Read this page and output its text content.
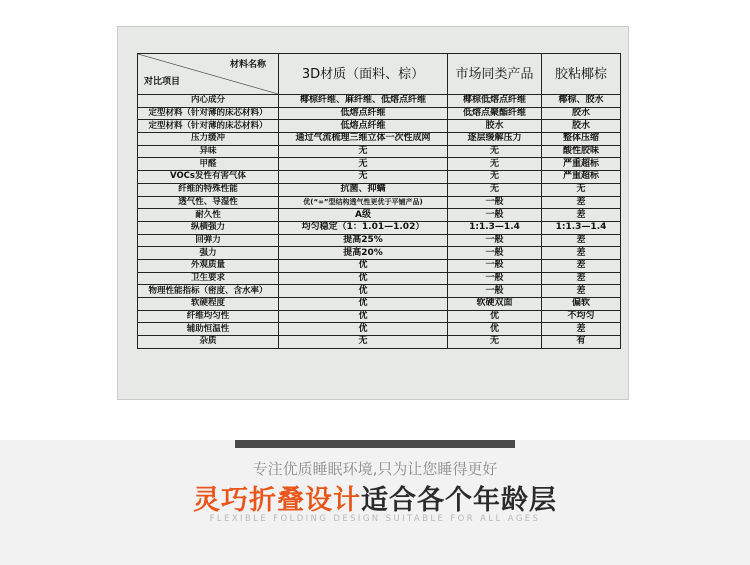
材料名称
对比项目	3D材质（面料、棕）	市场同类产品	胶粘椰棕
内心成分	椰棕纤维、麻纤维、低熔点纤维	椰棕低熔点纤维	椰棕、胶水
定型材料（针对薄的床芯材料）	低熔点纤维	低熔点聚酯纤维	胶水
定型材料（针对薄的床芯材料）	低熔点纤维	胶水	胶水
压力缓冲	通过气流梳理三维立体一次性成网	逐层缓解压力	整体压缩
异味	无	无	酸性胶味
甲醛	无	无	严重超标
VOCs发性有害气体	无	无	严重超标
纤维的特殊性能	抗菌、抑螨	无	无
透气性、导湿性	优(“∞”型结构透气性更优于平铺产品)	一般	差
耐久性	A级	一般	差
纵横强力	均匀稳定（1：1.01—1.02）	1:1.3—1.4	1:1.3—1.4
回弹力	提高25%	一般	差
强力	提高20%	一般	差
外观质量	优	一般	差
卫生要求	优	一般	差
物理性能指标（密度、含水率）	优	一般	差
软硬程度	优	软硬双面	偏软
纤维均匀性	优	优	不均匀
辅助恒温性	优	优	差
杂质	无	无	有
专注优质睡眠环境,只为让您睡得更好
灵巧折叠设计适合各个年龄层
FLEXIBLE FOLDING DESIGN SUITABLE FOR ALL AGES
